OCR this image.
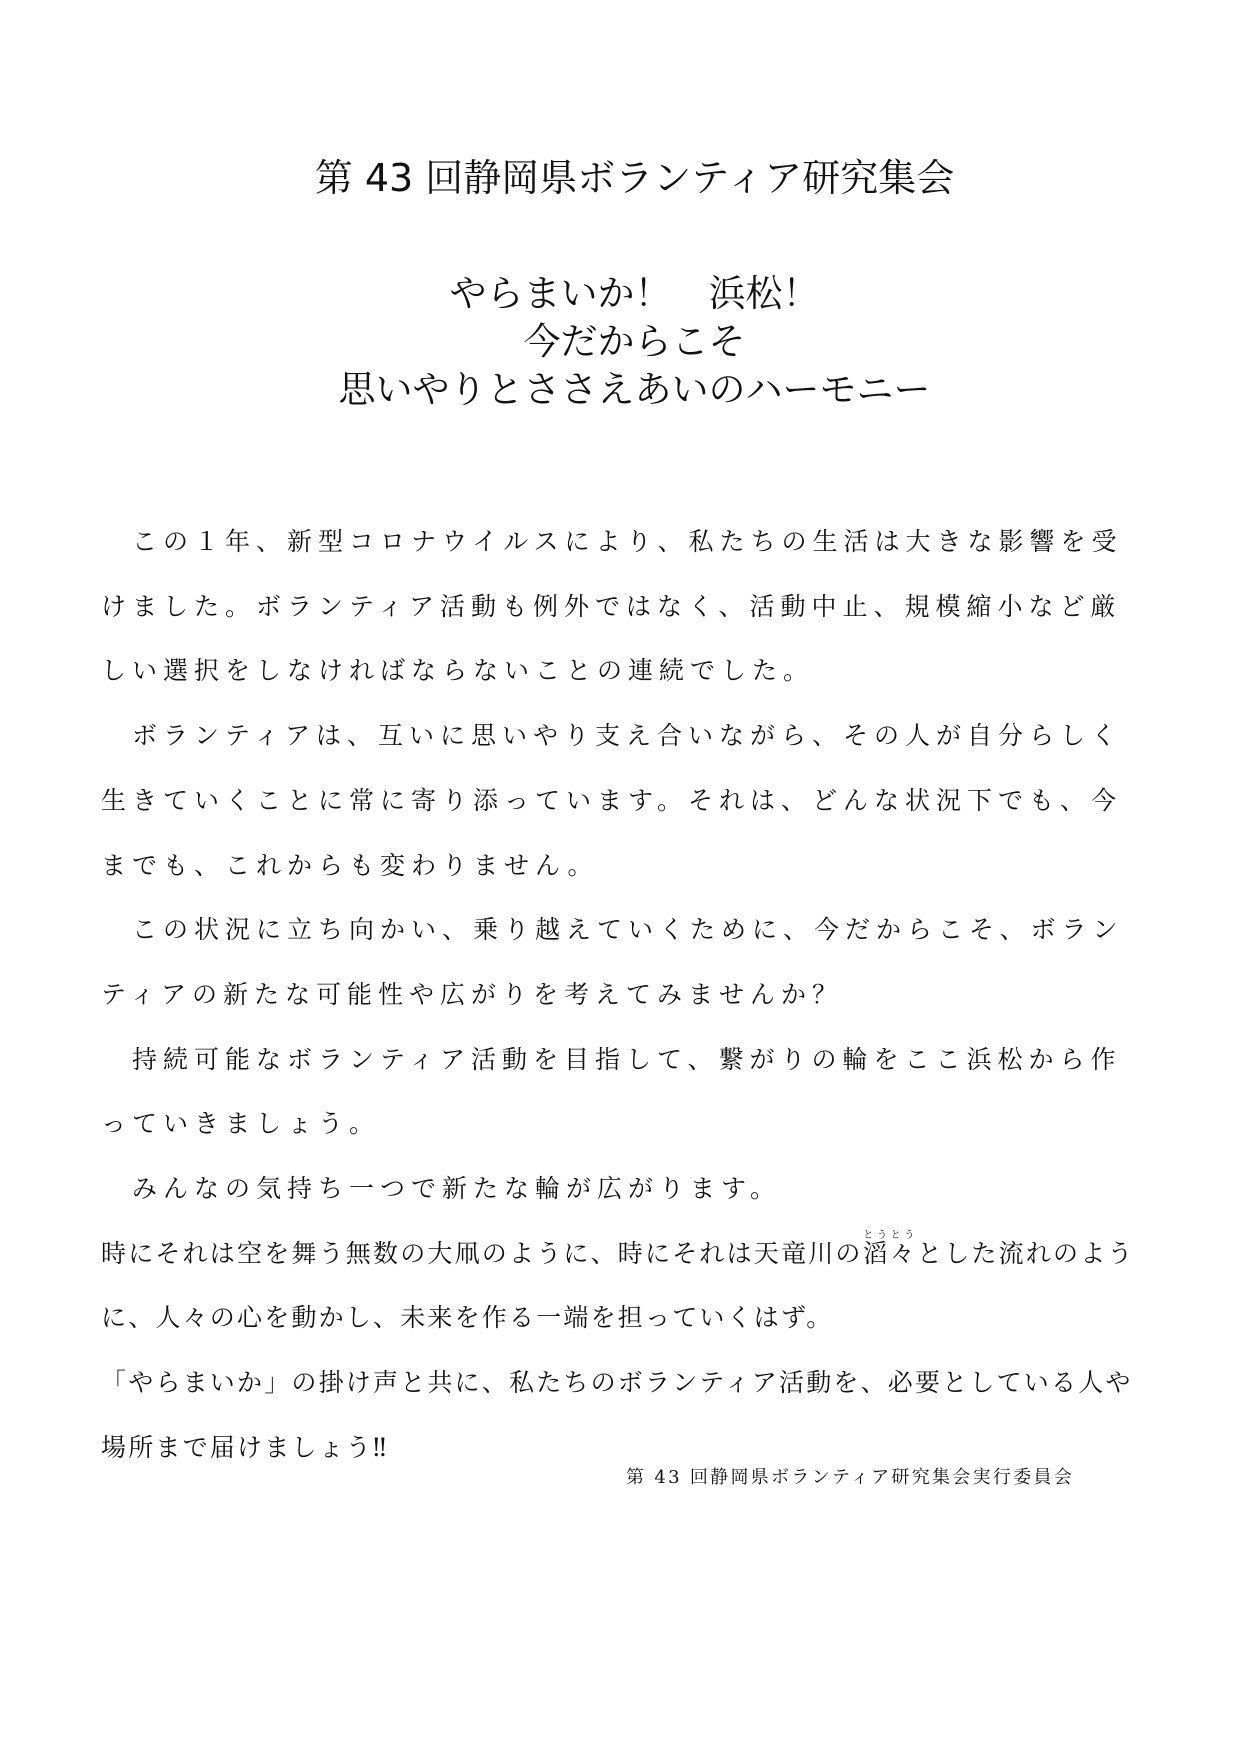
第 43 回静岡県ボランティア研究集会
やらまいか！　浜松！
今だからこそ
思いやりとささえあいのハーモニー

この１年、新型コロナウイルスにより、私たちの生活は大きな影響を受けました。ボランティア活動も例外ではなく、活動中止、規模縮小など厳しい選択をしなければならないことの連続でした。

ボランティアは、互いに思いやり支え合いながら、その人が自分らしく生きていくことに常に寄り添っています。それは、どんな状況下でも、今までも、これからも変わりません。

この状況に立ち向かい、乗り越えていくために、今だからこそ、ボランティアの新たな可能性や広がりを考えてみませんか？

持続可能なボランティア活動を目指して、繋がりの輪をここ浜松から作っていきましょう。

みんなの気持ち一つで新たな輪が広がります。

時にそれは空を舞う無数の大凧のように、時にそれは天竜川の滔々とうとうとした流れのように、人々の心を動かし、未来を作る一端を担っていくはず。

「やらまいか」の掛け声と共に、私たちのボランティア活動を、必要としている人や場所まで届けましょう‼

第 43 回静岡県ボランティア研究集会実行委員会
